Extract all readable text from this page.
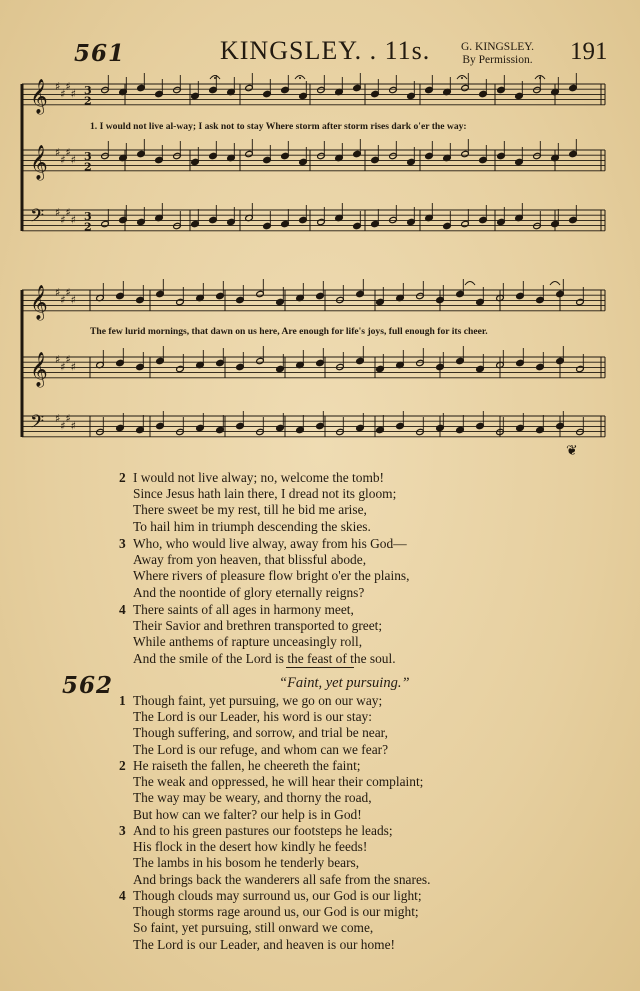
561	KINGSLEY. . 11s.	G. KINGSLEY.
By Permission. 191
𝄞 ♯
♯
♯
♯ 3
2
𝄞 ♯
♯
♯
♯ 3
2
𝄢 ♯
♯
♯
♯ 3
2
𝄞 ♯
♯
♯
♯
𝄞 ♯
♯
♯
♯
𝄢 ♯
♯
♯
♯
❦
1. I would not live al-way; I ask not to stay Where storm after storm rises dark o'er the way:
The few lurid mornings, that dawn on us here, Are enough for life's joys, full enough for its cheer.
2 I would not live alway; no, welcome the tomb!
Since Jesus hath lain there, I dread not its gloom;
There sweet be my rest, till he bid me arise,
To hail him in triumph descending the skies.
3 Who, who would live alway, away from his God—
Away from yon heaven, that blissful abode,
Where rivers of pleasure flow bright o'er the plains,
And the noontide of glory eternally reigns?
4 There saints of all ages in harmony meet,
Their Savior and brethren transported to greet;
While anthems of rapture unceasingly roll,
And the smile of the Lord is the feast of the soul.
562	“Faint, yet pursuing.”
1 Though faint, yet pursuing, we go on our way;
The Lord is our Leader, his word is our stay:
Though suffering, and sorrow, and trial be near,
The Lord is our refuge, and whom can we fear?
2 He raiseth the fallen, he cheereth the faint;
The weak and oppressed, he will hear their complaint;
The way may be weary, and thorny the road,
But how can we falter? our help is in God!
3 And to his green pastures our footsteps he leads;
His flock in the desert how kindly he feeds!
The lambs in his bosom he tenderly bears,
And brings back the wanderers all safe from the snares.
4 Though clouds may surround us, our God is our light;
Though storms rage around us, our God is our might;
So faint, yet pursuing, still onward we come,
The Lord is our Leader, and heaven is our home!
